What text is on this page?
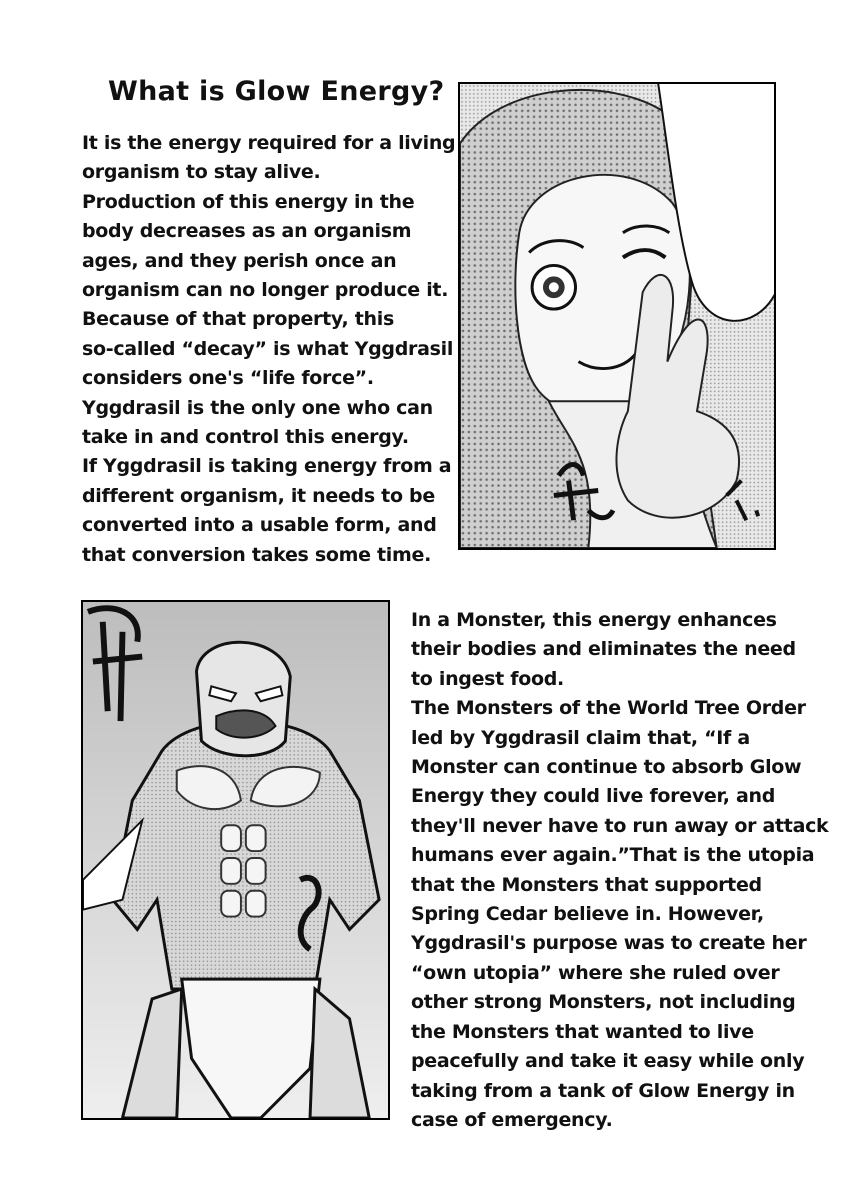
What is Glow Energy?
It is the energy required for a living
organism to stay alive.
Production of this energy in the
body decreases as an organism
ages, and they perish once an
organism can no longer produce it.
Because of that property, this
so-called “decay” is what Yggdrasil
considers one's “life force”.
Yggdrasil is the only one who can
take in and control this energy.
If Yggdrasil is taking energy from a
different organism, it needs to be
converted into a usable form, and
that conversion takes some time.
In a Monster, this energy enhances
their bodies and eliminates the need
to ingest food.
The Monsters of the World Tree Order
led by Yggdrasil claim that, “If a
Monster can continue to absorb Glow
Energy they could live forever, and
they'll never have to run away or attack
humans ever again.”That is the utopia
that the Monsters that supported
Spring Cedar believe in. However,
Yggdrasil's purpose was to create her
“own utopia” where she ruled over
other strong Monsters, not including
the Monsters that wanted to live
peacefully and take it easy while only
taking from a tank of Glow Energy in
case of emergency.
